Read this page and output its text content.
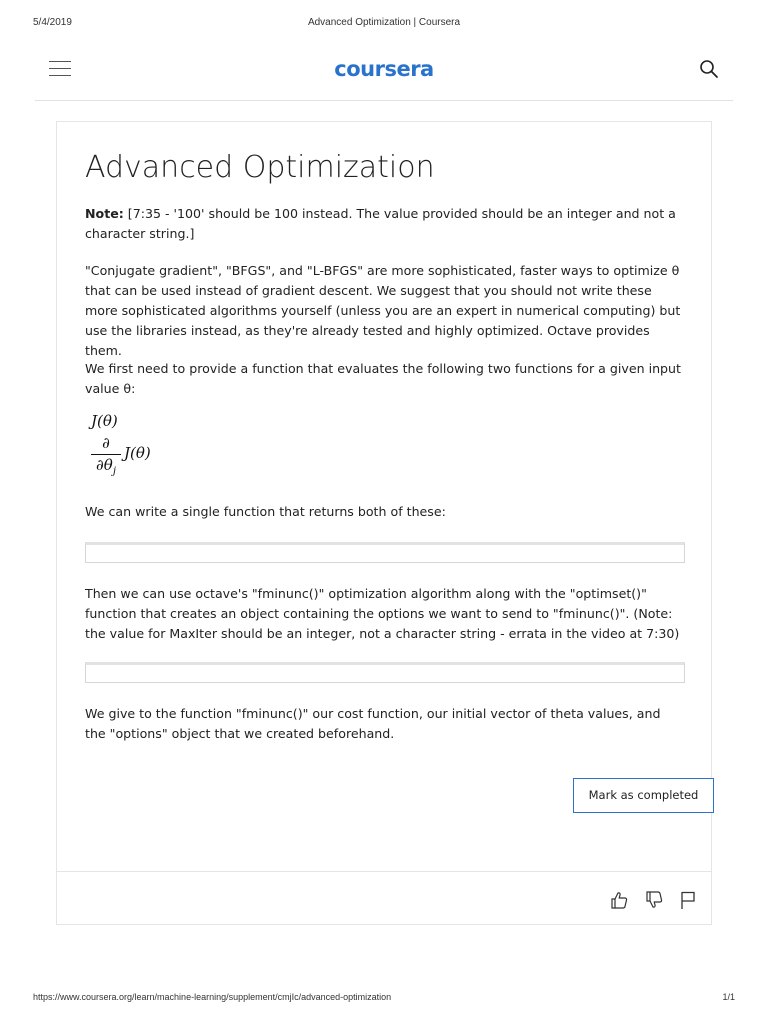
5/4/2019	Advanced Optimization | Coursera
coursera
Advanced Optimization

Note: [7:35 - '100' should be 100 instead. The value provided should be an integer and not a character string.]

"Conjugate gradient", "BFGS", and "L-BFGS" are more sophisticated, faster ways to optimize θ that can be used instead of gradient descent. We suggest that you should not write these more sophisticated algorithms yourself (unless you are an expert in numerical computing) but use the libraries instead, as they're already tested and highly optimized. Octave provides them.

We first need to provide a function that evaluates the following two functions for a given input value θ:

J(θ)
∂
$\partial\theta_j$
J(θ)

We can write a single function that returns both of these:

Then we can use octave's "fminunc()" optimization algorithm along with the "optimset()" function that creates an object containing the options we want to send to "fminunc()". (Note: the value for MaxIter should be an integer, not a character string - errata in the video at 7:30)

We give to the function "fminunc()" our cost function, our initial vector of theta values, and the "options" object that we created beforehand.

Mark as completed
https://www.coursera.org/learn/machine-learning/supplement/cmjIc/advanced-optimization	1/1
